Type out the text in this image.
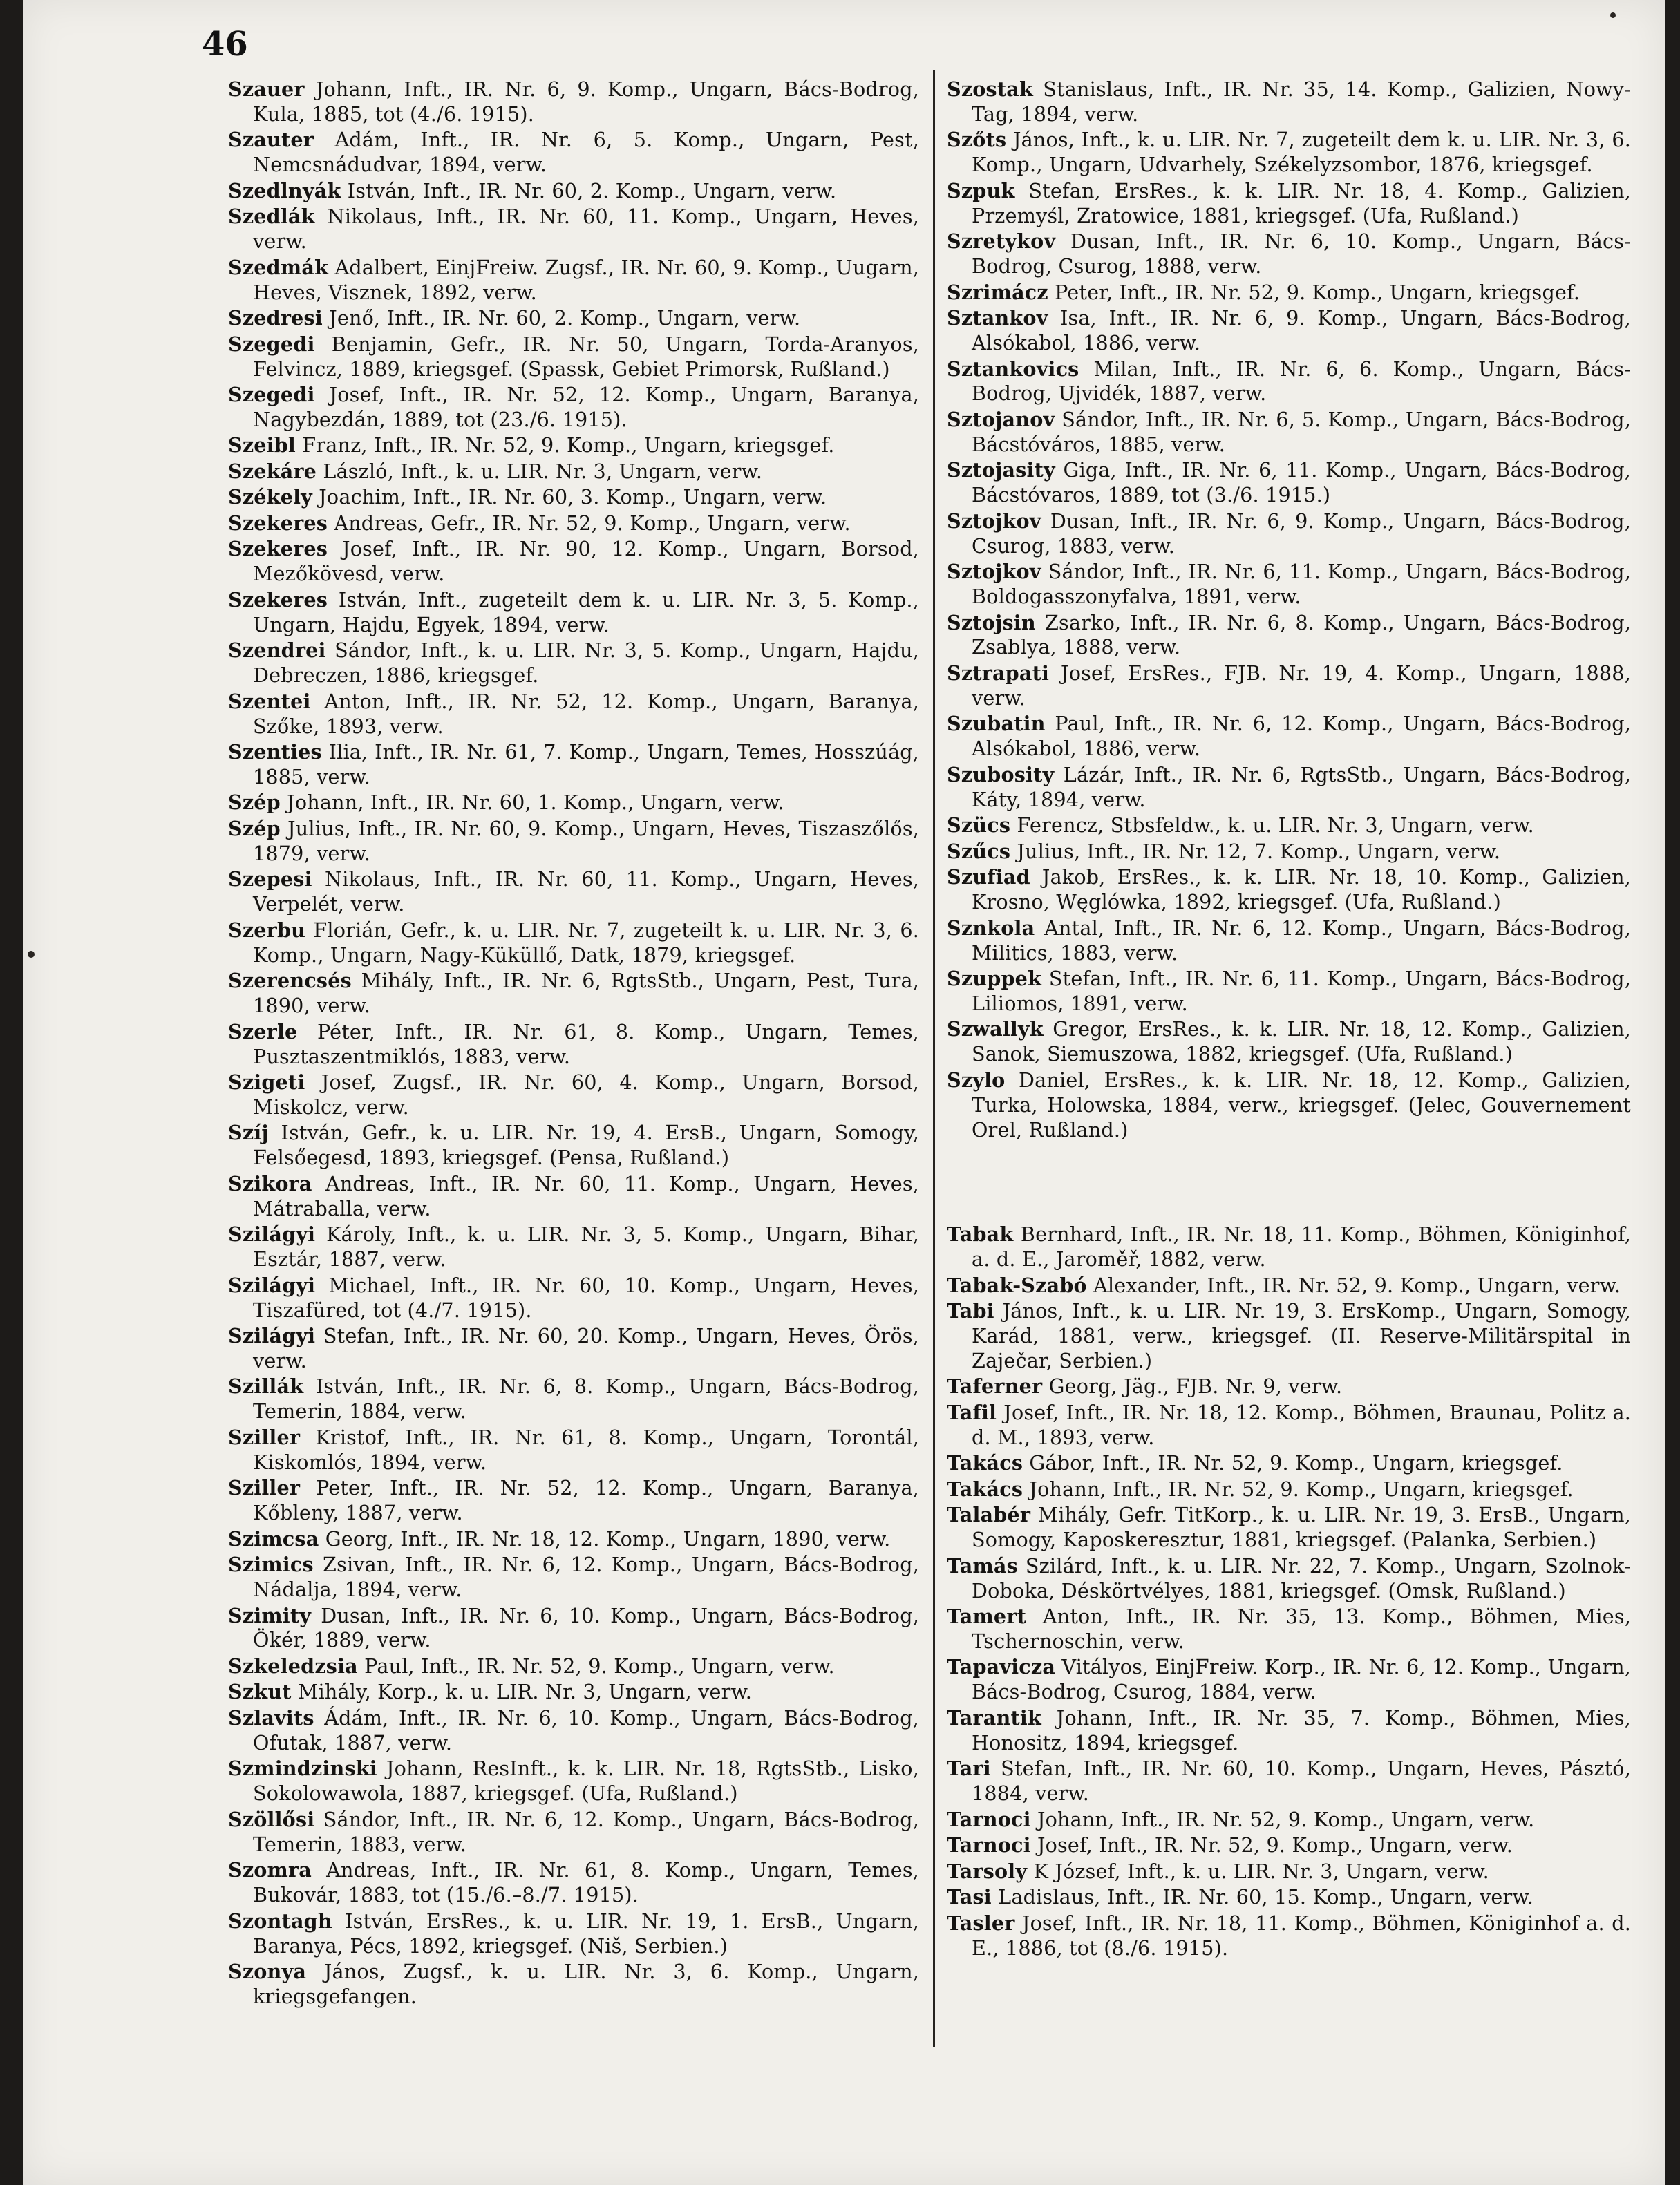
46

Szauer Johann, Inft., IR. Nr. 6, 9. Komp., Ungarn, Bács-Bodrog, Kula, 1885, tot (4./6. 1915).

Szauter Adám, Inft., IR. Nr. 6, 5. Komp., Ungarn, Pest, Nemcsnádudvar, 1894, verw.

Szedlnyák István, Inft., IR. Nr. 60, 2. Komp., Ungarn, verw.

Szedlák Nikolaus, Inft., IR. Nr. 60, 11. Komp., Ungarn, Heves, verw.

Szedmák Adalbert, EinjFreiw. Zugsf., IR. Nr. 60, 9. Komp., Uugarn, Heves, Visznek, 1892, verw.

Szedresi Jenő, Inft., IR. Nr. 60, 2. Komp., Ungarn, verw.

Szegedi Benjamin, Gefr., IR. Nr. 50, Ungarn, Torda-Aranyos, Felvincz, 1889, kriegsgef. (Spassk, Gebiet Primorsk, Rußland.)

Szegedi Josef, Inft., IR. Nr. 52, 12. Komp., Ungarn, Baranya, Nagybezdán, 1889, tot (23./6. 1915).

Szeibl Franz, Inft., IR. Nr. 52, 9. Komp., Ungarn, kriegsgef.

Szekáre László, Inft., k. u. LIR. Nr. 3, Ungarn, verw.

Székely Joachim, Inft., IR. Nr. 60, 3. Komp., Ungarn, verw.

Szekeres Andreas, Gefr., IR. Nr. 52, 9. Komp., Ungarn, verw.

Szekeres Josef, Inft., IR. Nr. 90, 12. Komp., Ungarn, Borsod, Mezőkövesd, verw.

Szekeres István, Inft., zugeteilt dem k. u. LIR. Nr. 3, 5. Komp., Ungarn, Hajdu, Egyek, 1894, verw.

Szendrei Sándor, Inft., k. u. LIR. Nr. 3, 5. Komp., Ungarn, Hajdu, Debreczen, 1886, kriegsgef.

Szentei Anton, Inft., IR. Nr. 52, 12. Komp., Ungarn, Baranya, Szőke, 1893, verw.

Szenties Ilia, Inft., IR. Nr. 61, 7. Komp., Ungarn, Temes, Hosszúág, 1885, verw.

Szép Johann, Inft., IR. Nr. 60, 1. Komp., Ungarn, verw.

Szép Julius, Inft., IR. Nr. 60, 9. Komp., Ungarn, Heves, Tiszaszőlős, 1879, verw.

Szepesi Nikolaus, Inft., IR. Nr. 60, 11. Komp., Ungarn, Heves, Verpelét, verw.

Szerbu Florián, Gefr., k. u. LIR. Nr. 7, zugeteilt k. u. LIR. Nr. 3, 6. Komp., Ungarn, Nagy-Küküllő, Datk, 1879, kriegsgef.

Szerencsés Mihály, Inft., IR. Nr. 6, RgtsStb., Ungarn, Pest, Tura, 1890, verw.

Szerle Péter, Inft., IR. Nr. 61, 8. Komp., Ungarn, Temes, Pusztaszentmiklós, 1883, verw.

Szigeti Josef, Zugsf., IR. Nr. 60, 4. Komp., Ungarn, Borsod, Miskolcz, verw.

Szíj István, Gefr., k. u. LIR. Nr. 19, 4. ErsB., Ungarn, Somogy, Felsőegesd, 1893, kriegsgef. (Pensa, Rußland.)

Szikora Andreas, Inft., IR. Nr. 60, 11. Komp., Ungarn, Heves, Mátraballa, verw.

Szilágyi Károly, Inft., k. u. LIR. Nr. 3, 5. Komp., Ungarn, Bihar, Esztár, 1887, verw.

Szilágyi Michael, Inft., IR. Nr. 60, 10. Komp., Ungarn, Heves, Tiszafüred, tot (4./7. 1915).

Szilágyi Stefan, Inft., IR. Nr. 60, 20. Komp., Ungarn, Heves, Örös, verw.

Szillák István, Inft., IR. Nr. 6, 8. Komp., Ungarn, Bács-Bodrog, Temerin, 1884, verw.

Sziller Kristof, Inft., IR. Nr. 61, 8. Komp., Ungarn, Torontál, Kiskomlós, 1894, verw.

Sziller Peter, Inft., IR. Nr. 52, 12. Komp., Ungarn, Baranya, Kőbleny, 1887, verw.

Szimcsa Georg, Inft., IR. Nr. 18, 12. Komp., Ungarn, 1890, verw.

Szimics Zsivan, Inft., IR. Nr. 6, 12. Komp., Ungarn, Bács-Bodrog, Nádalja, 1894, verw.

Szimity Dusan, Inft., IR. Nr. 6, 10. Komp., Ungarn, Bács-Bodrog, Ökér, 1889, verw.

Szkeledzsia Paul, Inft., IR. Nr. 52, 9. Komp., Ungarn, verw.

Szkut Mihály, Korp., k. u. LIR. Nr. 3, Ungarn, verw.

Szlavits Ádám, Inft., IR. Nr. 6, 10. Komp., Ungarn, Bács-Bodrog, Ofutak, 1887, verw.

Szmindzinski Johann, ResInft., k. k. LIR. Nr. 18, RgtsStb., Lisko, Sokolowawola, 1887, kriegsgef. (Ufa, Rußland.)

Szöllősi Sándor, Inft., IR. Nr. 6, 12. Komp., Ungarn, Bács-Bodrog, Temerin, 1883, verw.

Szomra Andreas, Inft., IR. Nr. 61, 8. Komp., Ungarn, Temes, Bukovár, 1883, tot (15./6.–8./7. 1915).

Szontagh István, ErsRes., k. u. LIR. Nr. 19, 1. ErsB., Ungarn, Baranya, Pécs, 1892, kriegsgef. (Niš, Serbien.)

Szonya János, Zugsf., k. u. LIR. Nr. 3, 6. Komp., Ungarn, kriegsgefangen.

Szostak Stanislaus, Inft., IR. Nr. 35, 14. Komp., Galizien, Nowy-Tag, 1894, verw.

Szőts János, Inft., k. u. LIR. Nr. 7, zugeteilt dem k. u. LIR. Nr. 3, 6. Komp., Ungarn, Udvarhely, Székelyzsombor, 1876, kriegsgef.

Szpuk Stefan, ErsRes., k. k. LIR. Nr. 18, 4. Komp., Galizien, Przemyśl, Zratowice, 1881, kriegsgef. (Ufa, Rußland.)

Szretykov Dusan, Inft., IR. Nr. 6, 10. Komp., Ungarn, Bács-Bodrog, Csurog, 1888, verw.

Szrimácz Peter, Inft., IR. Nr. 52, 9. Komp., Ungarn, kriegsgef.

Sztankov Isa, Inft., IR. Nr. 6, 9. Komp., Ungarn, Bács-Bodrog, Alsókabol, 1886, verw.

Sztankovics Milan, Inft., IR. Nr. 6, 6. Komp., Ungarn, Bács-Bodrog, Ujvidék, 1887, verw.

Sztojanov Sándor, Inft., IR. Nr. 6, 5. Komp., Ungarn, Bács-Bodrog, Bácstóváros, 1885, verw.

Sztojasity Giga, Inft., IR. Nr. 6, 11. Komp., Ungarn, Bács-Bodrog, Bácstóvaros, 1889, tot (3./6. 1915.)

Sztojkov Dusan, Inft., IR. Nr. 6, 9. Komp., Ungarn, Bács-Bodrog, Csurog, 1883, verw.

Sztojkov Sándor, Inft., IR. Nr. 6, 11. Komp., Ungarn, Bács-Bodrog, Boldogasszonyfalva, 1891, verw.

Sztojsin Zsarko, Inft., IR. Nr. 6, 8. Komp., Ungarn, Bács-Bodrog, Zsablya, 1888, verw.

Sztrapati Josef, ErsRes., FJB. Nr. 19, 4. Komp., Ungarn, 1888, verw.

Szubatin Paul, Inft., IR. Nr. 6, 12. Komp., Ungarn, Bács-Bodrog, Alsókabol, 1886, verw.

Szubosity Lázár, Inft., IR. Nr. 6, RgtsStb., Ungarn, Bács-Bodrog, Káty, 1894, verw.

Szücs Ferencz, Stbsfeldw., k. u. LIR. Nr. 3, Ungarn, verw.

Szűcs Julius, Inft., IR. Nr. 12, 7. Komp., Ungarn, verw.

Szufiad Jakob, ErsRes., k. k. LIR. Nr. 18, 10. Komp., Galizien, Krosno, Węglówka, 1892, kriegsgef. (Ufa, Rußland.)

Sznkola Antal, Inft., IR. Nr. 6, 12. Komp., Ungarn, Bács-Bodrog, Militics, 1883, verw.

Szuppek Stefan, Inft., IR. Nr. 6, 11. Komp., Ungarn, Bács-Bodrog, Liliomos, 1891, verw.

Szwallyk Gregor, ErsRes., k. k. LIR. Nr. 18, 12. Komp., Galizien, Sanok, Siemuszowa, 1882, kriegsgef. (Ufa, Rußland.)

Szylo Daniel, ErsRes., k. k. LIR. Nr. 18, 12. Komp., Galizien, Turka, Holowska, 1884, verw., kriegsgef. (Jelec, Gouvernement Orel, Rußland.)

Tabak Bernhard, Inft., IR. Nr. 18, 11. Komp., Böhmen, Königinhof, a. d. E., Jaroměř, 1882, verw.

Tabak-Szabó Alexander, Inft., IR. Nr. 52, 9. Komp., Ungarn, verw.

Tabi János, Inft., k. u. LIR. Nr. 19, 3. ErsKomp., Ungarn, Somogy, Karád, 1881, verw., kriegsgef. (II. Reserve-Militärspital in Zaječar, Serbien.)

Taferner Georg, Jäg., FJB. Nr. 9, verw.

Tafil Josef, Inft., IR. Nr. 18, 12. Komp., Böhmen, Braunau, Politz a. d. M., 1893, verw.

Takács Gábor, Inft., IR. Nr. 52, 9. Komp., Ungarn, kriegsgef.

Takács Johann, Inft., IR. Nr. 52, 9. Komp., Ungarn, kriegsgef.

Talabér Mihály, Gefr. TitKorp., k. u. LIR. Nr. 19, 3. ErsB., Ungarn, Somogy, Kaposkeresztur, 1881, kriegsgef. (Palanka, Serbien.)

Tamás Szilárd, Inft., k. u. LIR. Nr. 22, 7. Komp., Ungarn, Szolnok-Doboka, Déskörtvélyes, 1881, kriegsgef. (Omsk, Rußland.)

Tamert Anton, Inft., IR. Nr. 35, 13. Komp., Böhmen, Mies, Tschernoschin, verw.

Tapavicza Vitályos, EinjFreiw. Korp., IR. Nr. 6, 12. Komp., Ungarn, Bács-Bodrog, Csurog, 1884, verw.

Tarantik Johann, Inft., IR. Nr. 35, 7. Komp., Böhmen, Mies, Honositz, 1894, kriegsgef.

Tari Stefan, Inft., IR. Nr. 60, 10. Komp., Ungarn, Heves, Pásztó, 1884, verw.

Tarnoci Johann, Inft., IR. Nr. 52, 9. Komp., Ungarn, verw.

Tarnoci Josef, Inft., IR. Nr. 52, 9. Komp., Ungarn, verw.

Tarsoly K József, Inft., k. u. LIR. Nr. 3, Ungarn, verw.

Tasi Ladislaus, Inft., IR. Nr. 60, 15. Komp., Ungarn, verw.

Tasler Josef, Inft., IR. Nr. 18, 11. Komp., Böhmen, Königinhof a. d. E., 1886, tot (8./6. 1915).
